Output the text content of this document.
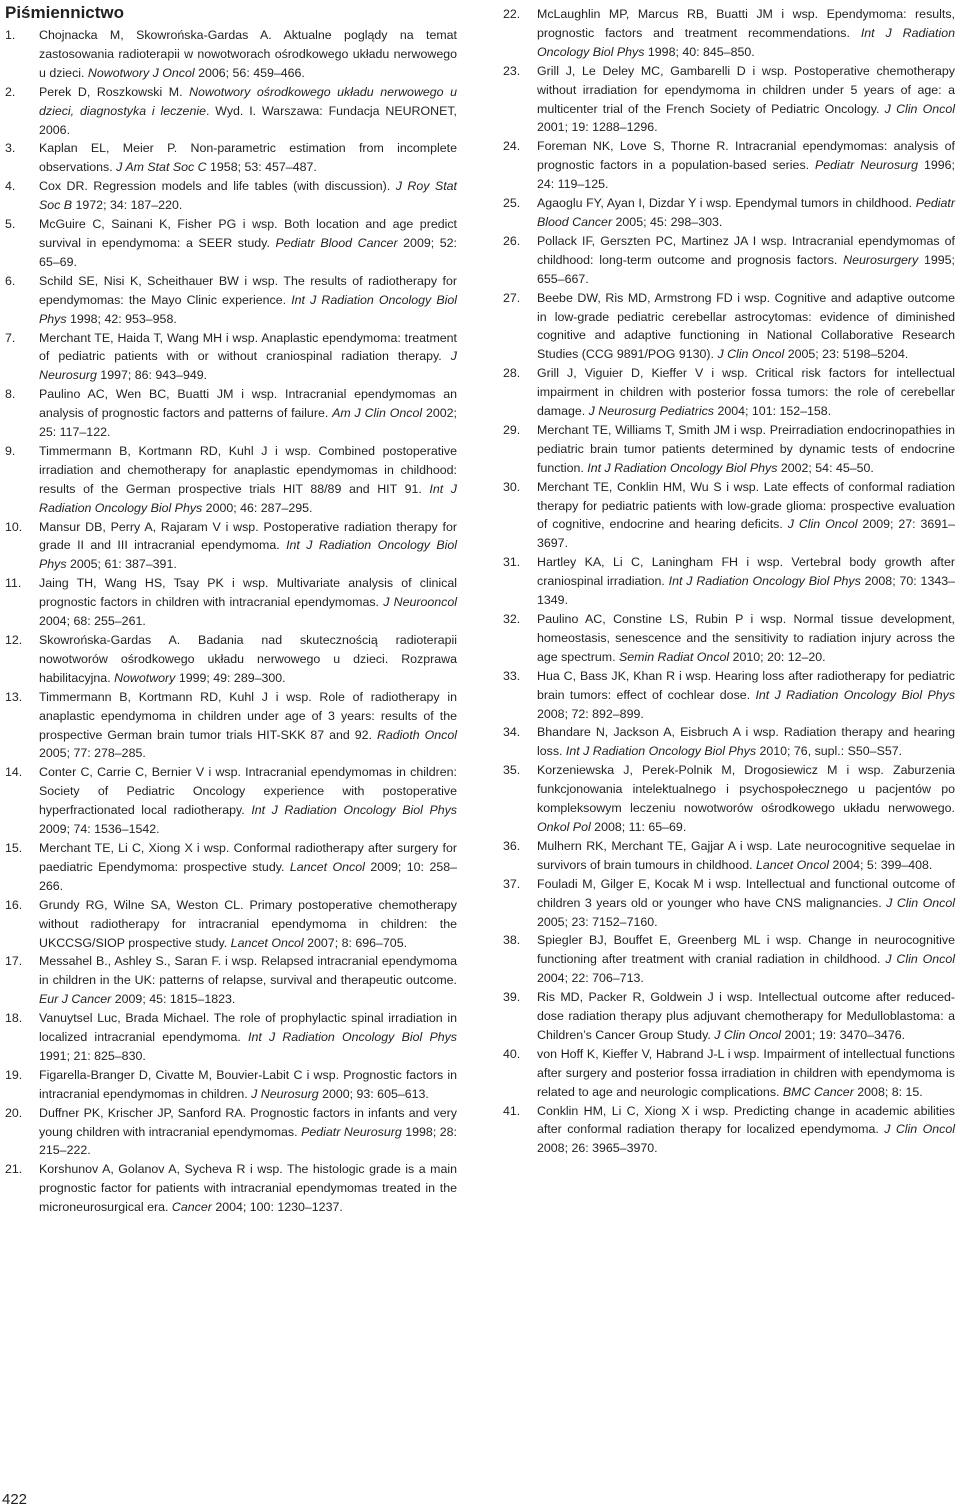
Piśmiennictwo
1. Chojnacka M, Skowrońska-Gardas A. Aktualne poglądy na temat zastosowania radioterapii w nowotworach ośrodkowego układu nerwowego u dzieci. Nowotwory J Oncol 2006; 56: 459‒466.
2. Perek D, Roszkowski M. Nowotwory ośrodkowego układu nerwowego u dzieci, diagnostyka i leczenie. Wyd. I. Warszawa: Fundacja NEURONET, 2006.
3. Kaplan EL, Meier P. Non-parametric estimation from incomplete observations. J Am Stat Soc C 1958; 53: 457‒487.
4. Cox DR. Regression models and life tables (with discussion). J Roy Stat Soc B 1972; 34: 187‒220.
5. McGuire C, Sainani K, Fisher PG i wsp. Both location and age predict survival in ependymoma: a SEER study. Pediatr Blood Cancer 2009; 52: 65‒69.
6. Schild SE, Nisi K, Scheithauer BW i wsp. The results of radiotherapy for ependymomas: the Mayo Clinic experience. Int J Radiation Oncology Biol Phys 1998; 42: 953‒958.
7. Merchant TE, Haida T, Wang MH i wsp. Anaplastic ependymoma: treatment of pediatric patients with or without craniospinal radiation therapy. J Neurosurg 1997; 86: 943‒949.
8. Paulino AC, Wen BC, Buatti JM i wsp. Intracranial ependymomas an analysis of prognostic factors and patterns of failure. Am J Clin Oncol 2002; 25: 117‒122.
9. Timmermann B, Kortmann RD, Kuhl J i wsp. Combined postoperative irradiation and chemotherapy for anaplastic ependymomas in childhood: results of the German prospective trials HIT 88/89 and HIT 91. Int J Radiation Oncology Biol Phys 2000; 46: 287‒295.
10. Mansur DB, Perry A, Rajaram V i wsp. Postoperative radiation therapy for grade II and III intracranial ependymoma. Int J Radiation Oncology Biol Phys 2005; 61: 387‒391.
11. Jaing TH, Wang HS, Tsay PK i wsp. Multivariate analysis of clinical prognostic factors in children with intracranial ependymomas. J Neurooncol 2004; 68: 255‒261.
12. Skowrońska-Gardas A. Badania nad skutecznością radioterapii nowotworów ośrodkowego układu nerwowego u dzieci. Rozprawa habilitacyjna. Nowotwory 1999; 49: 289‒300.
13. Timmermann B, Kortmann RD, Kuhl J i wsp. Role of radiotherapy in anaplastic ependymoma in children under age of 3 years: results of the prospective German brain tumor trials HIT-SKK 87 and 92. Radioth Oncol 2005; 77: 278‒285.
14. Conter C, Carrie C, Bernier V i wsp. Intracranial ependymomas in children: Society of Pediatric Oncology experience with postoperative hyperfractionated local radiotherapy. Int J Radiation Oncology Biol Phys 2009; 74: 1536‒1542.
15. Merchant TE, Li C, Xiong X i wsp. Conformal radiotherapy after surgery for paediatric Ependymoma: prospective study. Lancet Oncol 2009; 10: 258‒266.
16. Grundy RG, Wilne SA, Weston CL. Primary postoperative chemotherapy without radiotherapy for intracranial ependymoma in children: the UKCCSG/SIOP prospective study. Lancet Oncol 2007; 8: 696‒705.
17. Messahel B., Ashley S., Saran F. i wsp. Relapsed intracranial ependymoma in children in the UK: patterns of relapse, survival and therapeutic outcome. Eur J Cancer 2009; 45: 1815‒1823.
18. Vanuytsel Luc, Brada Michael. The role of prophylactic spinal irradiation in localized intracranial ependymoma. Int J Radiation Oncology Biol Phys 1991; 21: 825‒830.
19. Figarella-Branger D, Civatte M, Bouvier-Labit C i wsp. Prognostic factors in intracranial ependymomas in children. J Neurosurg 2000; 93: 605‒613.
20. Duffner PK, Krischer JP, Sanford RA. Prognostic factors in infants and very young children with intracranial ependymomas. Pediatr Neurosurg 1998; 28: 215‒222.
21. Korshunov A, Golanov A, Sycheva R i wsp. The histologic grade is a main prognostic factor for patients with intracranial ependymomas treated in the microneurosurgical era. Cancer 2004; 100: 1230‒1237.
22. McLaughlin MP, Marcus RB, Buatti JM i wsp. Ependymoma: results, prognostic factors and treatment recommendations. Int J Radiation Oncology Biol Phys 1998; 40: 845‒850.
23. Grill J, Le Deley MC, Gambarelli D i wsp. Postoperative chemotherapy without irradiation for ependymoma in children under 5 years of age: a multicenter trial of the French Society of Pediatric Oncology. J Clin Oncol 2001; 19: 1288‒1296.
24. Foreman NK, Love S, Thorne R. Intracranial ependymomas: analysis of prognostic factors in a population-based series. Pediatr Neurosurg 1996; 24: 119‒125.
25. Agaoglu FY, Ayan I, Dizdar Y i wsp. Ependymal tumors in childhood. Pediatr Blood Cancer 2005; 45: 298‒303.
26. Pollack IF, Gerszten PC, Martinez JA I wsp. Intracranial ependymomas of childhood: long-term outcome and prognosis factors. Neurosurgery 1995; 655‒667.
27. Beebe DW, Ris MD, Armstrong FD i wsp. Cognitive and adaptive outcome in low-grade pediatric cerebellar astrocytomas: evidence of diminished cognitive and adaptive functioning in National Collaborative Research Studies (CCG 9891/POG 9130). J Clin Oncol 2005; 23: 5198‒5204.
28. Grill J, Viguier D, Kieffer V i wsp. Critical risk factors for intellectual impairment in children with posterior fossa tumors: the role of cerebellar damage. J Neurosurg Pediatrics 2004; 101: 152‒158.
29. Merchant TE, Williams T, Smith JM i wsp. Preirradiation endocrinopathies in pediatric brain tumor patients determined by dynamic tests of endocrine function. Int J Radiation Oncology Biol Phys 2002; 54: 45‒50.
30. Merchant TE, Conklin HM, Wu S i wsp. Late effects of conformal radiation therapy for pediatric patients with low-grade glioma: prospective evaluation of cognitive, endocrine and hearing deficits. J Clin Oncol 2009; 27: 3691‒3697.
31. Hartley KA, Li C, Laningham FH i wsp. Vertebral body growth after craniospinal irradiation. Int J Radiation Oncology Biol Phys 2008; 70: 1343‒1349.
32. Paulino AC, Constine LS, Rubin P i wsp. Normal tissue development, homeostasis, senescence and the sensitivity to radiation injury across the age spectrum. Semin Radiat Oncol 2010; 20: 12‒20.
33. Hua C, Bass JK, Khan R i wsp. Hearing loss after radiotherapy for pediatric brain tumors: effect of cochlear dose. Int J Radiation Oncology Biol Phys 2008; 72: 892‒899.
34. Bhandare N, Jackson A, Eisbruch A i wsp. Radiation therapy and hearing loss. Int J Radiation Oncology Biol Phys 2010; 76, supl.: S50‒S57.
35. Korzeniewska J, Perek-Polnik M, Drogosiewicz M i wsp. Zaburzenia funkcjonowania intelektualnego i psychospołecznego u pacjentów po kompleksowym leczeniu nowotworów ośrodkowego układu nerwowego. Onkol Pol 2008; 11: 65‒69.
36. Mulhern RK, Merchant TE, Gajjar A i wsp. Late neurocognitive sequelae in survivors of brain tumours in childhood. Lancet Oncol 2004; 5: 399‒408.
37. Fouladi M, Gilger E, Kocak M i wsp. Intellectual and functional outcome of children 3 years old or younger who have CNS malignancies. J Clin Oncol 2005; 23: 7152‒7160.
38. Spiegler BJ, Bouffet E, Greenberg ML i wsp. Change in neurocognitive functioning after treatment with cranial radiation in childhood. J Clin Oncol 2004; 22: 706‒713.
39. Ris MD, Packer R, Goldwein J i wsp. Intellectual outcome after reduced-dose radiation therapy plus adjuvant chemotherapy for Medulloblastoma: a Children’s Cancer Group Study. J Clin Oncol 2001; 19: 3470‒3476.
40. von Hoff K, Kieffer V, Habrand J-L i wsp. Impairment of intellectual functions after surgery and posterior fossa irradiation in children with ependymoma is related to age and neurologic complications. BMC Cancer 2008; 8: 15.
41. Conklin HM, Li C, Xiong X i wsp. Predicting change in academic abilities after conformal radiation therapy for localized ependymoma. J Clin Oncol 2008; 26: 3965‒3970.
422
